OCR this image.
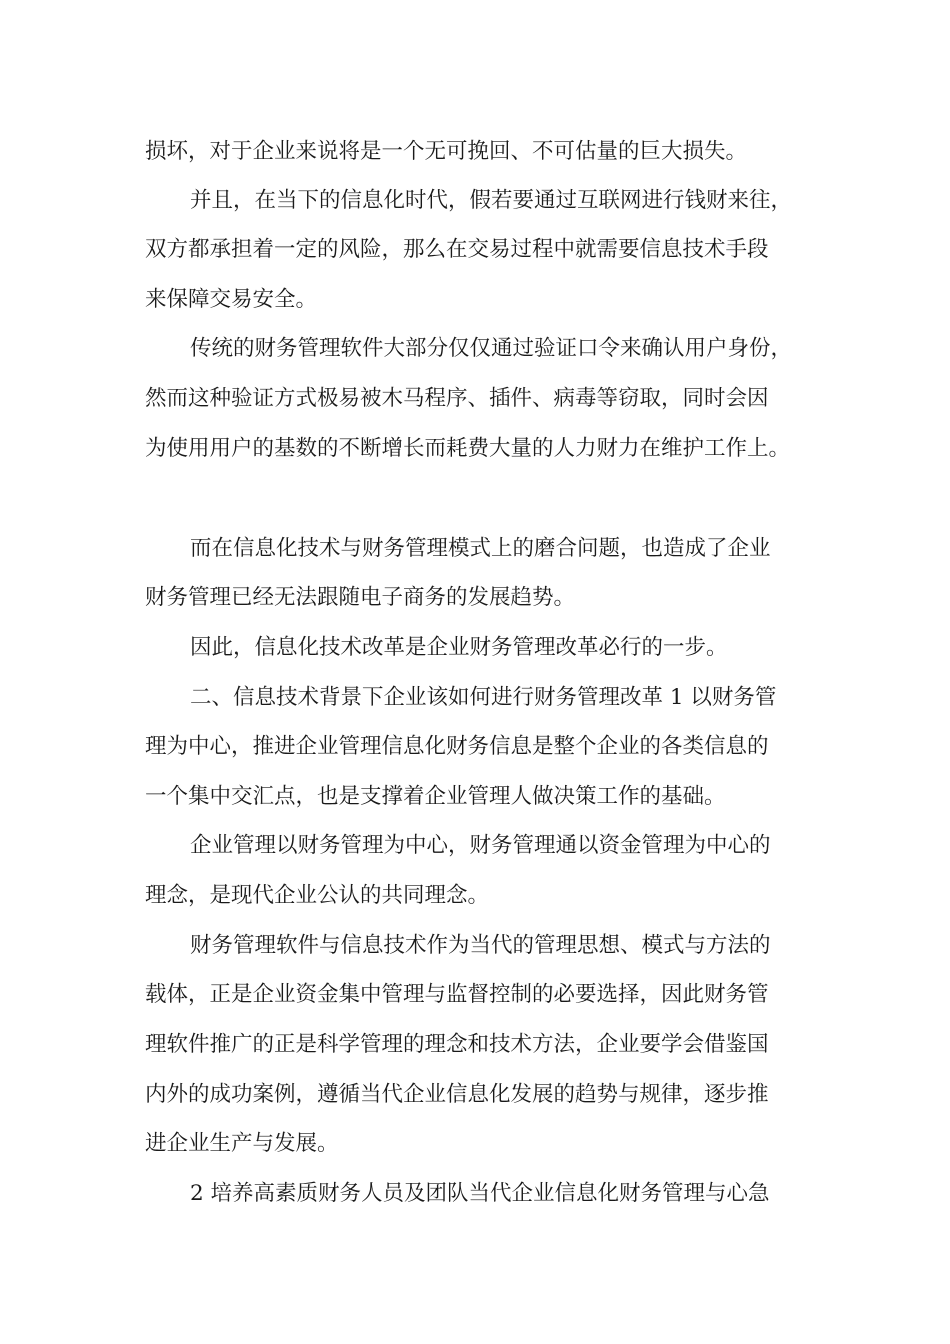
损坏，对于企业来说将是一个无可挽回、不可估量的巨大损失。
并且，在当下的信息化时代，假若要通过互联网进行钱财来往，
双方都承担着一定的风险，那么在交易过程中就需要信息技术手段
来保障交易安全。
传统的财务管理软件大部分仅仅通过验证口令来确认用户身份，
然而这种验证方式极易被木马程序、插件、病毒等窃取，同时会因
为使用用户的基数的不断增长而耗费大量的人力财力在维护工作上。
而在信息化技术与财务管理模式上的磨合问题，也造成了企业
财务管理已经无法跟随电子商务的发展趋势。
因此，信息化技术改革是企业财务管理改革必行的一步。
二、信息技术背景下企业该如何进行财务管理改革 1 以财务管
理为中心，推进企业管理信息化财务信息是整个企业的各类信息的
一个集中交汇点，也是支撑着企业管理人做决策工作的基础。
企业管理以财务管理为中心，财务管理通以资金管理为中心的
理念，是现代企业公认的共同理念。
财务管理软件与信息技术作为当代的管理思想、模式与方法的
载体，正是企业资金集中管理与监督控制的必要选择，因此财务管
理软件推广的正是科学管理的理念和技术方法，企业要学会借鉴国
内外的成功案例，遵循当代企业信息化发展的趋势与规律，逐步推
进企业生产与发展。
2 培养高素质财务人员及团队当代企业信息化财务管理与心急
